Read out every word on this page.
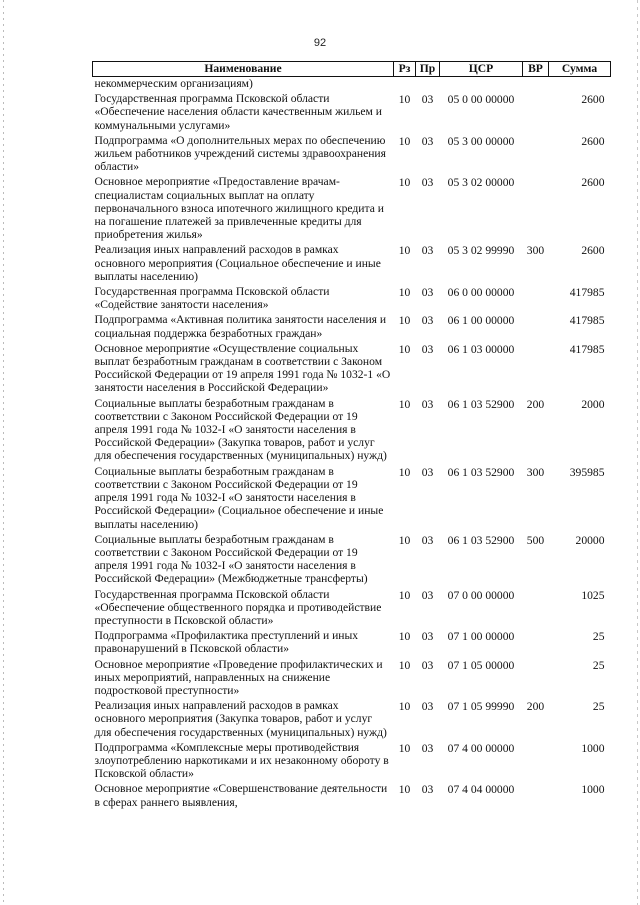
92
Наименование	Рз	Пр	ЦСР	ВР	Сумма
некоммерческим организациям)					
Государственная программа Псковской области «Обеспечение населения области качественным жильем и коммунальными услугами»	10	03	05 0 00 00000		2600
Подпрограмма «О дополнительных мерах по обеспечению жильем работников учреждений системы здравоохранения области»	10	03	05 3 00 00000		2600
Основное мероприятие «Предоставление врачам-специалистам социальных выплат на оплату первоначального взноса ипотечного жилищного кредита и на погашение платежей за привлеченные кредиты для приобретения жилья»	10	03	05 3 02 00000		2600
Реализация иных направлений расходов в рамках основного мероприятия (Социальное обеспечение и иные выплаты населению)	10	03	05 3 02 99990	300	2600
Государственная программа Псковской области «Содействие занятости населения»	10	03	06 0 00 00000		417985
Подпрограмма «Активная политика занятости населения и социальная поддержка безработных граждан»	10	03	06 1 00 00000		417985
Основное мероприятие «Осуществление социальных выплат безработным гражданам в соответствии с Законом Российской Федерации от 19 апреля 1991 года № 1032-1 «О занятости населения в Российской Федерации»	10	03	06 1 03 00000		417985
Социальные выплаты безработным гражданам в соответствии с Законом Российской Федерации от 19 апреля 1991 года № 1032-I «О занятости населения в Российской Федерации» (Закупка товаров, работ и услуг для обеспечения государственных (муниципальных) нужд)	10	03	06 1 03 52900	200	2000
Социальные выплаты безработным гражданам в соответствии с Законом Российской Федерации от 19 апреля 1991 года № 1032-I «О занятости населения в Российской Федерации» (Социальное обеспечение и иные выплаты населению)	10	03	06 1 03 52900	300	395985
Социальные выплаты безработным гражданам в соответствии с Законом Российской Федерации от 19 апреля 1991 года № 1032-I «О занятости населения в Российской Федерации» (Межбюджетные трансферты)	10	03	06 1 03 52900	500	20000
Государственная программа Псковской области «Обеспечение общественного порядка и противодействие преступности в Псковской области»	10	03	07 0 00 00000		1025
Подпрограмма «Профилактика преступлений и иных правонарушений в Псковской области»	10	03	07 1 00 00000		25
Основное мероприятие «Проведение профилактических и иных мероприятий, направленных на снижение подростковой преступности»	10	03	07 1 05 00000		25
Реализация иных направлений расходов в рамках основного мероприятия (Закупка товаров, работ и услуг для обеспечения государственных (муниципальных) нужд)	10	03	07 1 05 99990	200	25
Подпрограмма «Комплексные меры противодействия злоупотреблению наркотиками и их незаконному обороту в Псковской области»	10	03	07 4 00 00000		1000
Основное мероприятие «Совершенствование деятельности в сферах раннего выявления,	10	03	07 4 04 00000		1000
